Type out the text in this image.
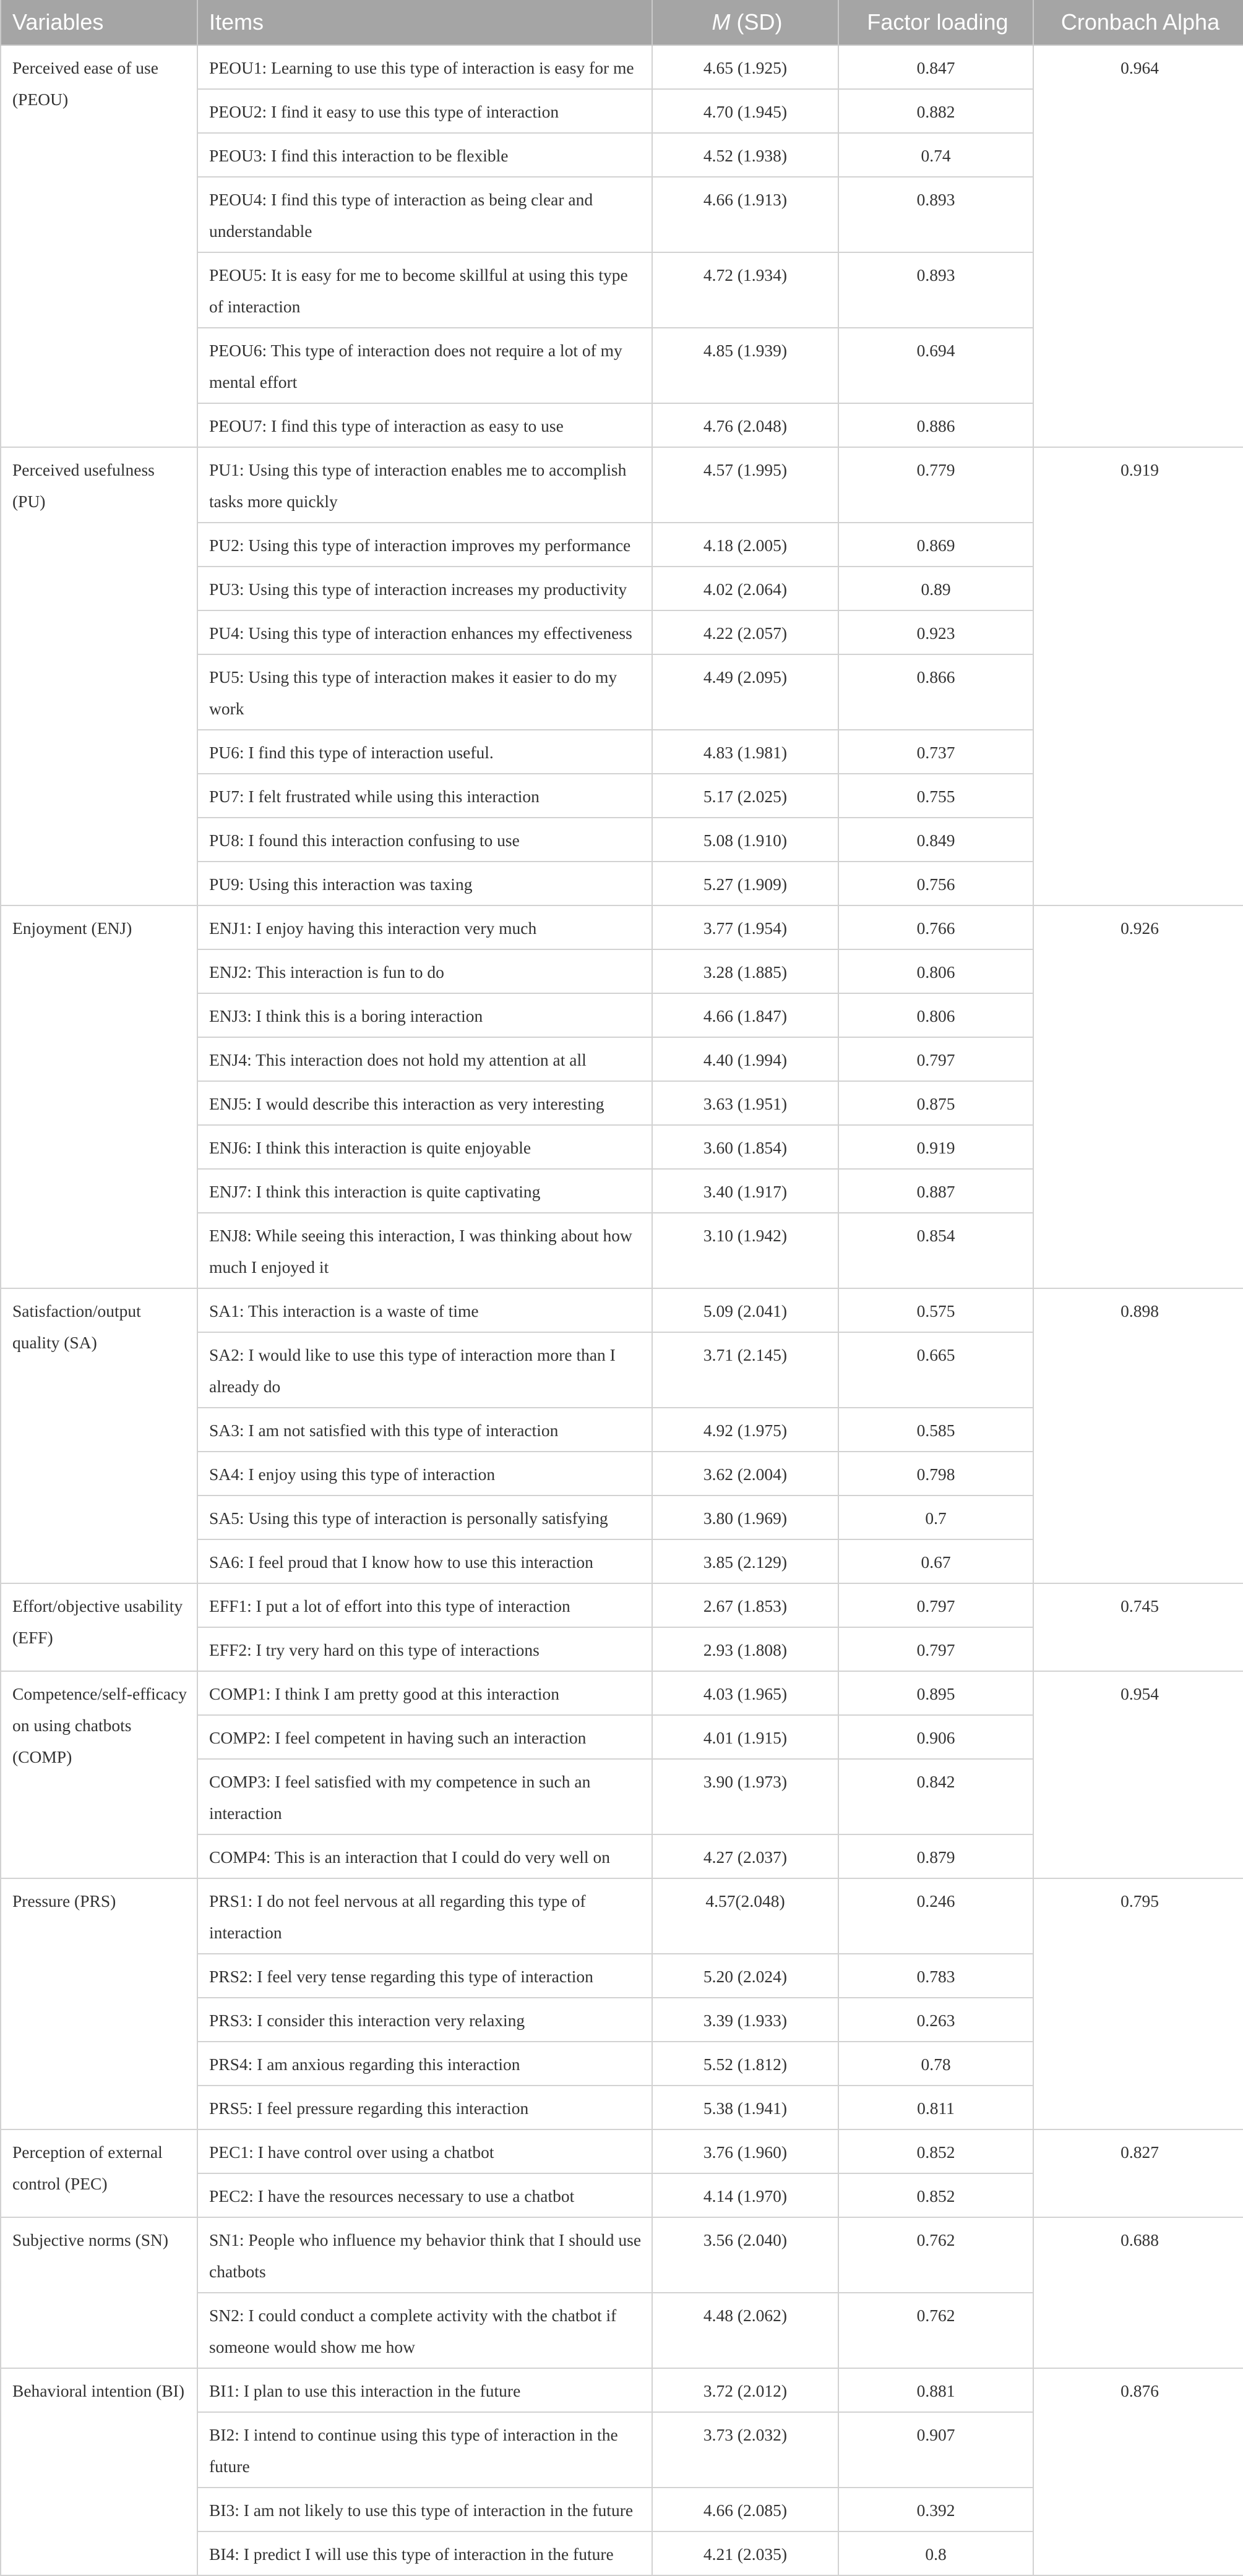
Variables	Items	M (SD)	Factor loading	Cronbach Alpha
Perceived ease of use (PEOU)	PEOU1: Learning to use this type of interaction is easy for me	4.65 (1.925)	0.847	0.964
	PEOU2: I find it easy to use this type of interaction	4.70 (1.945)	0.882	
	PEOU3: I find this interaction to be flexible	4.52 (1.938)	0.74	
	PEOU4: I find this type of interaction as being clear and understandable	4.66 (1.913)	0.893	
	PEOU5: It is easy for me to become skillful at using this type of interaction	4.72 (1.934)	0.893	
	PEOU6: This type of interaction does not require a lot of my mental effort	4.85 (1.939)	0.694	
	PEOU7: I find this type of interaction as easy to use	4.76 (2.048)	0.886	
Perceived usefulness (PU)	PU1: Using this type of interaction enables me to accomplish tasks more quickly	4.57 (1.995)	0.779	0.919
	PU2: Using this type of interaction improves my performance	4.18 (2.005)	0.869	
	PU3: Using this type of interaction increases my productivity	4.02 (2.064)	0.89	
	PU4: Using this type of interaction enhances my effectiveness	4.22 (2.057)	0.923	
	PU5: Using this type of interaction makes it easier to do my work	4.49 (2.095)	0.866	
	PU6: I find this type of interaction useful.	4.83 (1.981)	0.737	
	PU7: I felt frustrated while using this interaction	5.17 (2.025)	0.755	
	PU8: I found this interaction confusing to use	5.08 (1.910)	0.849	
	PU9: Using this interaction was taxing	5.27 (1.909)	0.756	
Enjoyment (ENJ)	ENJ1: I enjoy having this interaction very much	3.77 (1.954)	0.766	0.926
	ENJ2: This interaction is fun to do	3.28 (1.885)	0.806	
	ENJ3: I think this is a boring interaction	4.66 (1.847)	0.806	
	ENJ4: This interaction does not hold my attention at all	4.40 (1.994)	0.797	
	ENJ5: I would describe this interaction as very interesting	3.63 (1.951)	0.875	
	ENJ6: I think this interaction is quite enjoyable	3.60 (1.854)	0.919	
	ENJ7: I think this interaction is quite captivating	3.40 (1.917)	0.887	
	ENJ8: While seeing this interaction, I was thinking about how much I enjoyed it	3.10 (1.942)	0.854	
Satisfaction/output quality (SA)	SA1: This interaction is a waste of time	5.09 (2.041)	0.575	0.898
	SA2: I would like to use this type of interaction more than I already do	3.71 (2.145)	0.665	
	SA3: I am not satisfied with this type of interaction	4.92 (1.975)	0.585	
	SA4: I enjoy using this type of interaction	3.62 (2.004)	0.798	
	SA5: Using this type of interaction is personally satisfying	3.80 (1.969)	0.7	
	SA6: I feel proud that I know how to use this interaction	3.85 (2.129)	0.67	
Effort/objective usability (EFF)	EFF1: I put a lot of effort into this type of interaction	2.67 (1.853)	0.797	0.745
	EFF2: I try very hard on this type of interactions	2.93 (1.808)	0.797	
Competence/self-efficacy on using chatbots (COMP)	COMP1: I think I am pretty good at this interaction	4.03 (1.965)	0.895	0.954
	COMP2: I feel competent in having such an interaction	4.01 (1.915)	0.906	
	COMP3: I feel satisfied with my competence in such an interaction	3.90 (1.973)	0.842	
	COMP4: This is an interaction that I could do very well on	4.27 (2.037)	0.879	
Pressure (PRS)	PRS1: I do not feel nervous at all regarding this type of interaction	4.57(2.048)	0.246	0.795
	PRS2: I feel very tense regarding this type of interaction	5.20 (2.024)	0.783	
	PRS3: I consider this interaction very relaxing	3.39 (1.933)	0.263	
	PRS4: I am anxious regarding this interaction	5.52 (1.812)	0.78	
	PRS5: I feel pressure regarding this interaction	5.38 (1.941)	0.811	
Perception of external control (PEC)	PEC1: I have control over using a chatbot	3.76 (1.960)	0.852	0.827
	PEC2: I have the resources necessary to use a chatbot	4.14 (1.970)	0.852	
Subjective norms (SN)	SN1: People who influence my behavior think that I should use chatbots	3.56 (2.040)	0.762	0.688
	SN2: I could conduct a complete activity with the chatbot if someone would show me how	4.48 (2.062)	0.762	
Behavioral intention (BI)	BI1: I plan to use this interaction in the future	3.72 (2.012)	0.881	0.876
	BI2: I intend to continue using this type of interaction in the future	3.73 (2.032)	0.907	
	BI3: I am not likely to use this type of interaction in the future	4.66 (2.085)	0.392	
	BI4: I predict I will use this type of interaction in the future	4.21 (2.035)	0.8	
